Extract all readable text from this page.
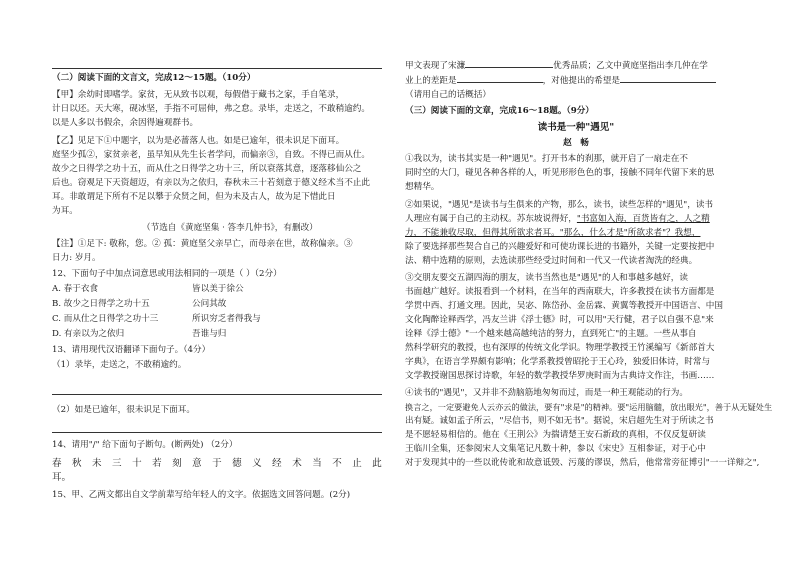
（二）阅读下面的文言文，完成12～15题。（10分）
【甲】余幼时即嗜学。家贫，无从致书以观，每假借于藏书之家，手自笔录，
计日以还。天大寒，砚冰坚，手指不可屈伸，弗之怠。录毕，走送之，不敢稍逾约。
以是人多以书假余，余因得遍观群书。
【乙】见足下①中题字，以为是必蔷落人也。如是已逾年，很未识足下面耳。
庭坚少孤②，家贫亲老，虽早知从先生长者学问，而偏亲③，自致。不得已而从仕。
故少之日得学之功十五，而从仕之日得学之功十三，所以衰落其意，逐落移仙公之
后也。窃观足下天资超迈，有亲以为之依归，春秋未三十若刻意于德义经术当不止此
耳。非敢谓足下所有不足以攀于众贤之间，但为未及古人，故为足下惜此日
为耳。
（节选自《黄庭坚集 · 答李几仲书》，有删改）
【注】①足下: 敬称，您。② 孤：黄庭坚父亲早亡，而母亲在世，故称偏亲。③
日力: 岁月。
12、下面句子中加点词意思或用法相同的一项是（ ）（2分）
A. 春于衣食	皆以美于徐公
B. 故少之日得学之功十五	公问其故
C. 而从仕之日得学之功十三	所识穷乏者得我与
D. 有亲以为之依归	吾谁与归
13、请用现代汉语翻译下面句子。（4分）
（1）录毕，走送之，不敢稍逾约。
（2）如是已逾年，很未识足下面耳。
14、请用"/" 给下面句子断句。(断两处) （2分）
春 秋 未 三 十 若 刻 意 于 德 义 经 术 当 不 止 此
耳。
15、甲、乙两文都出自文学前辈写给年轻人的文字。依据选文回答问题。(2分)
甲文表现了宋濂	优秀品质；乙文中黄庭坚指出李几仲在学
业上的差距是	，对他提出的希望是
（请用自己的话概括）
（三）阅读下面的文章，完成16～18题。（9分）
读书是一种"遇见"
赵　畅
①我以为，读书其实是一种"遇见"。打开书本的刹那，就开启了一扇走在不
同时空的大门，碰见各种各样的人，听见形形色色的事，接触不同年代留下来的思
想精华。
②如果说，"遇见"是读书与生俱来的产物，那么，读书，读些怎样的"遇见"，读书
人理应有属于自己的主动权。苏东坡说得好，"书富如入海，百货皆有之，人之精
力，不能兼收尽取，但得其所欲求者耳。"那么，什么才是"所欲求者"？我想，
除了要选择那些契合自己的兴趣爱好和可使功课长进的书籍外，关键一定要按把中
法、精中选精的原则，去选读那些经受过时间和一代又一代读者淘洗的经典。
③交朋友要交五湖四海的朋友，读书当然也是"遇见"的人和事越多越好，读
书面越广越好。读报看到一个材料，在当年的西南联大，许多教授在读书方面都是
学贯中西、打通文理。因此，吴宓、陈岱孙、金岳霖、黄翼等教授开中国语言、中国
文化陶醉诠释西学，冯友兰讲《浮士德》时，可以用"天行健，君子以自强不息"来
诠释《浮士德》"一个越来越高越纯洁的努力，直到死亡"的主题。一些从事自
然科学研究的教授，也有深厚的传统文化学识。物理学教授王竹溪编写《新部首大
字典》，在语言学界颇有影响；化学系教授曾昭抡于王心玲，独爱旧体诗，时常与
文学教授谢国思探讨诗歌，年轻的数学教授华罗庚时而为古典诗文作注，书画……
④读书的"遇见"，又并非不劲脑筋地匆匆而过，而是一种王观能动的行为。
换言之，一定要避免人云亦云的做法，要有"求是"的精神。要"运用脑髓，放出眼光"，善于从无疑处生
出有疑。诚如孟子所云，"尽信书，则不如无书"。据说，宋启超先生对于所读之书
是不愿轻易相信的。他在《王荆公》为揣请楚王安石新政的真相，不仅反复研读
王临川全集，还参阅宋人文集笔记凡数十种，参以《宋史》互相参证，对于心中
对于发现其中的一些以讹传讹和故意诋毁、污蔑的谬误，然后，他常常旁征博引"一一详辩之",
